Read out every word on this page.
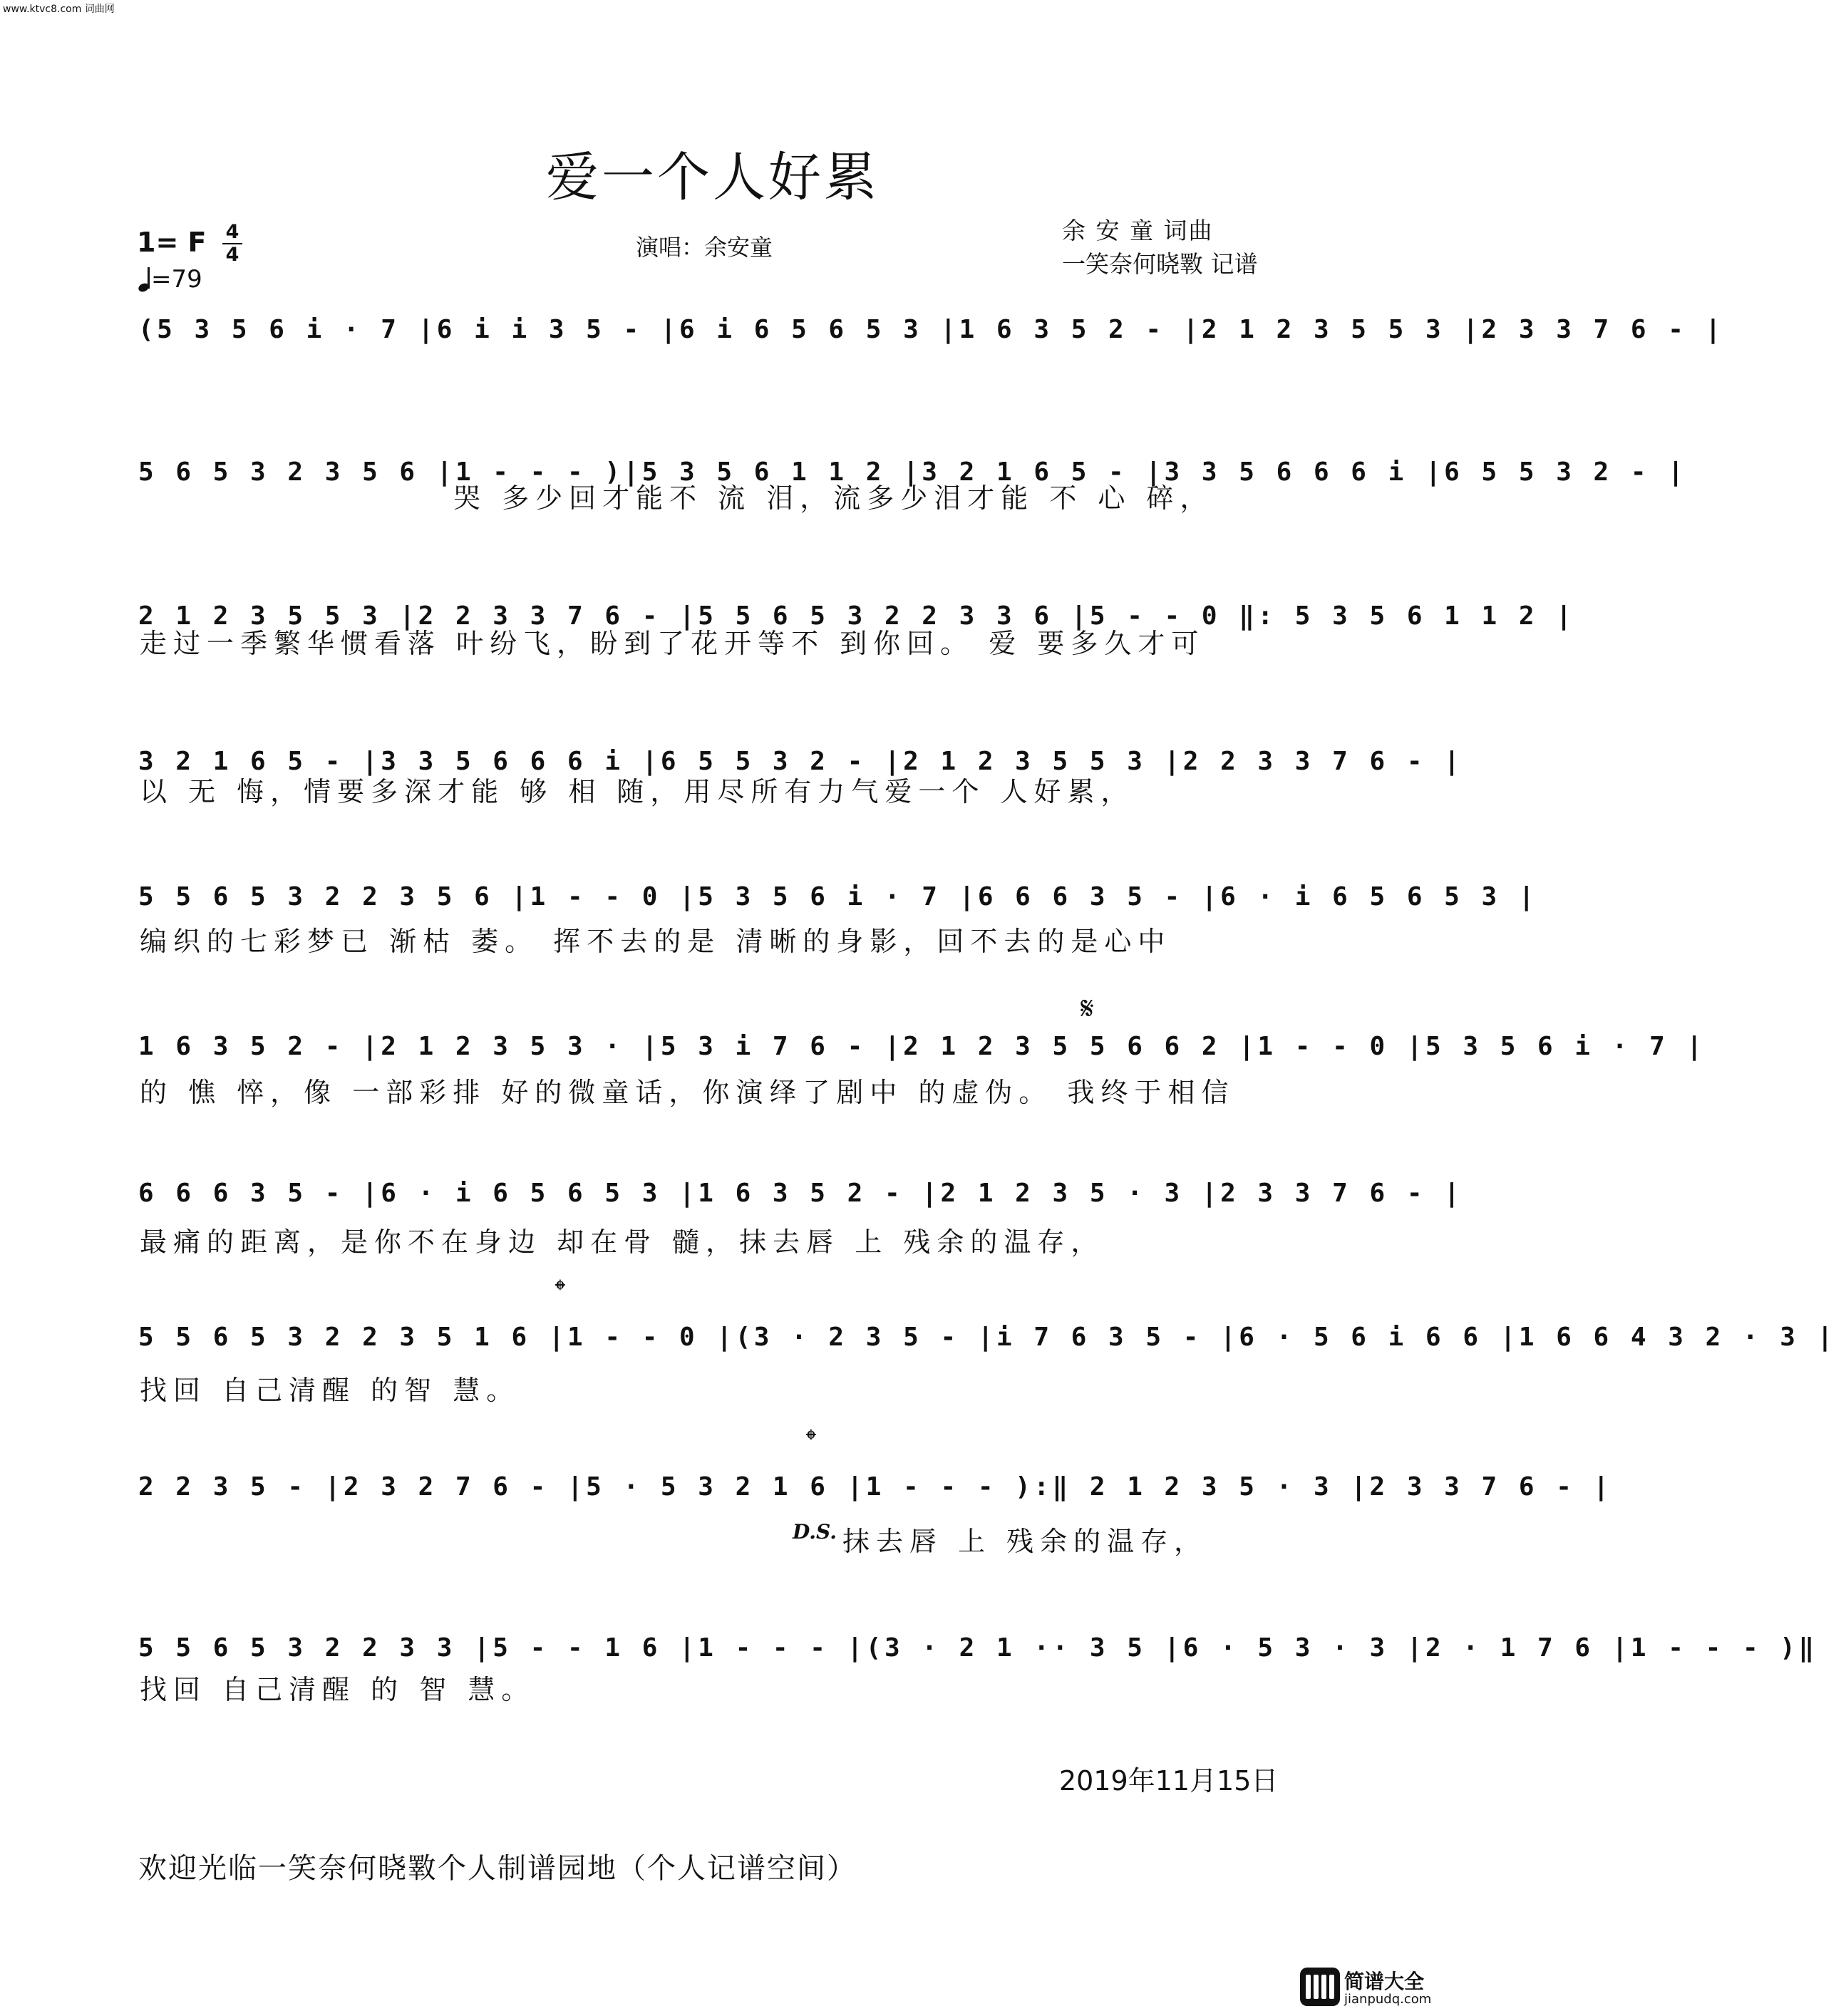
www.ktvc8.com 词曲网
爱一个人好累
1= F 4
4
=79
演唱：余安童
余 安 童 词曲
一笑奈何晓斁 记谱
(5 3 5 6 i · 7 |6 i i 3 5 - |6 i 6 5 6 5 3 |1 6 3 5 2 - |2 1 2 3 5 5 3 |2 3 3 7 6 - |
5 6 5 3 2 3 5 6 |1 - - - )|5 3 5 6 1 1 2 |3 2 1 6 5 - |3 3 5 6 6 6 i |6 5 5 3 2 - |
哭 多少回才能不 流 泪，流多少泪才能 不 心 碎，
2 1 2 3 5 5 3 |2 2 3 3 7 6 - |5 5 6 5 3 2 2 3 3 6 |5 - - 0 ‖: 5 3 5 6 1 1 2 |
走过一季繁华惯看落 叶纷飞，盼到了花开等不 到你回。 爱 要多久才可
3 2 1 6 5 - |3 3 5 6 6 6 i |6 5 5 3 2 - |2 1 2 3 5 5 3 |2 2 3 3 7 6 - |
以 无 悔，情要多深才能 够 相 随，用尽所有力气爱一个 人好累，
5 5 6 5 3 2 2 3 5 6 |1 - - 0 |5 3 5 6 i · 7 |6 6 6 3 5 - |6 · i 6 5 6 5 3 |
编织的七彩梦已 渐枯 萎。 挥不去的是 清晰的身影，回不去的是心中
𝄋
1 6 3 5 2 - |2 1 2 3 5 3 · |5 3 i 7 6 - |2 1 2 3 5 5 6 6 2 |1 - - 0 |5 3 5 6 i · 7 |
的 憔 悴，像 一部彩排 好的微童话，你演绎了剧中 的虚伪。 我终于相信
6 6 6 3 5 - |6 · i 6 5 6 5 3 |1 6 3 5 2 - |2 1 2 3 5 · 3 |2 3 3 7 6 - |
最痛的距离，是你不在身边 却在骨 髓，抹去唇 上 残余的温存，
𝄌
5 5 6 5 3 2 2 3 5 1 6 |1 - - 0 |(3 · 2 3 5 - |i 7 6 3 5 - |6 · 5 6 i 6 6 |1 6 6 4 3 2 · 3 |
找回 自己清醒 的智 慧。
𝄌
2 2 3 5 - |2 3 2 7 6 - |5 · 5 3 2 1 6 |1 - - - ):‖ 2 1 2 3 5 · 3 |2 3 3 7 6 - |
D.S. 抹去唇 上 残余的温存，
5 5 6 5 3 2 2 3 3 |5 - - 1 6 |1 - - - |(3 · 2 1 ·· 3 5 |6 · 5 3 · 3 |2 · 1 7 6 |1 - - - )‖
找回 自己清醒 的 智 慧。
2019年11月15日
欢迎光临一笑奈何晓斁个人制谱园地（个人记谱空间）
简谱大全
jianpudq.com
